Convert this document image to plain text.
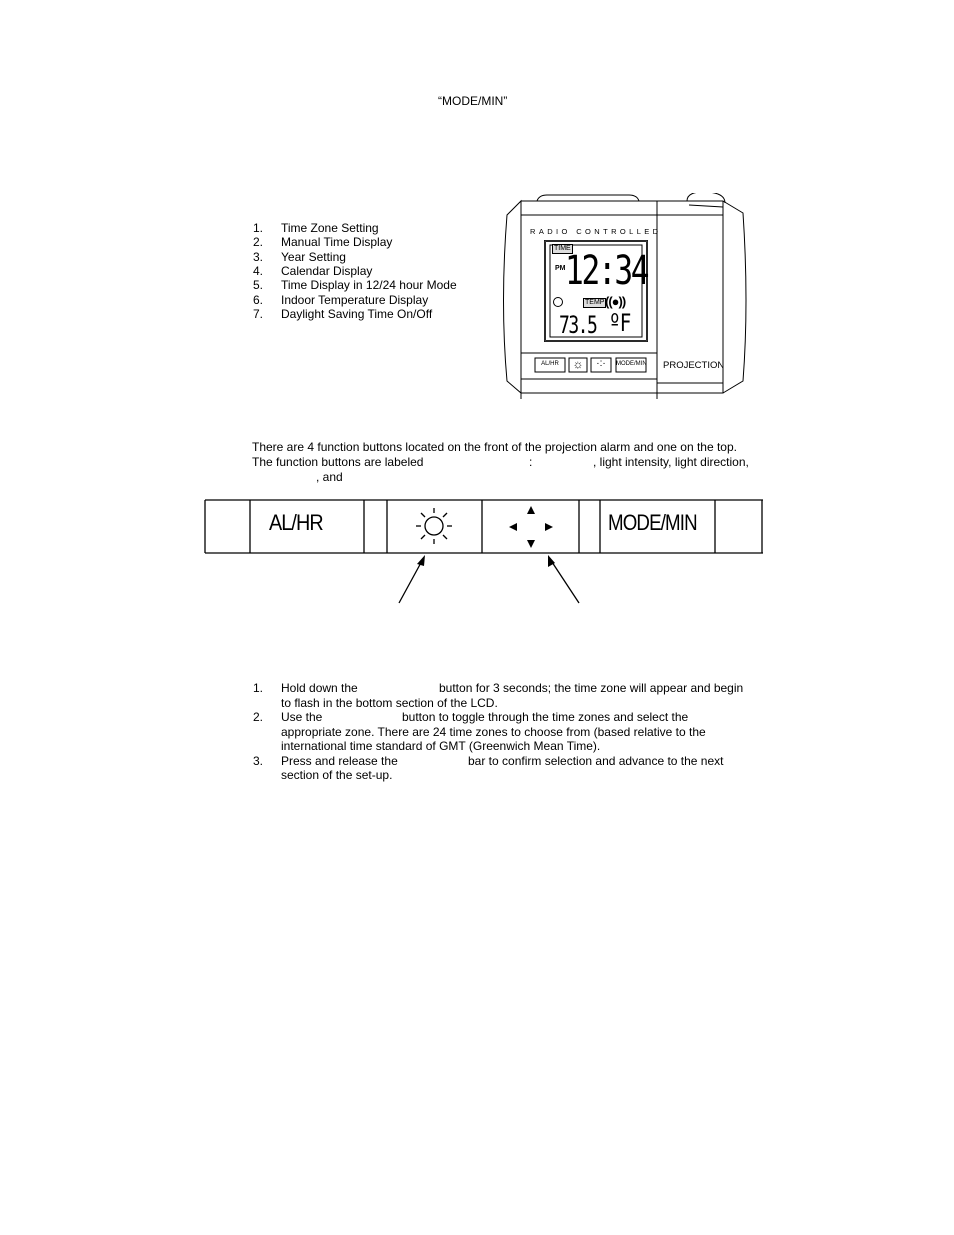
“MODE/MIN”
1. Time Zone Setting
2. Manual Time Display
3. Year Setting
4. Calendar Display
5. Time Display in 12/24 hour Mode
6. Indoor Temperature Display
7. Daylight Saving Time On/Off
RADIO CONTROLLED
TIME
PM 12:34
TEMP ((●))
73.5 ºF
AL/HR	☼	·:·	MODE/MIN PROJECTION
There are 4 function buttons located on the front of the projection alarm and one on the top.
The function buttons are labeled	:	, light intensity, light direction,
, and
AL/HR	MODE/MIN
1. Hold down the	button for 3 seconds; the time zone will appear and begin
to flash in the bottom section of the LCD.
2. Use the	button to toggle through the time zones and select the
appropriate zone. There are 24 time zones to choose from (based relative to the
international time standard of GMT (Greenwich Mean Time).
3. Press and release the	bar to confirm selection and advance to the next
section of the set-up.
